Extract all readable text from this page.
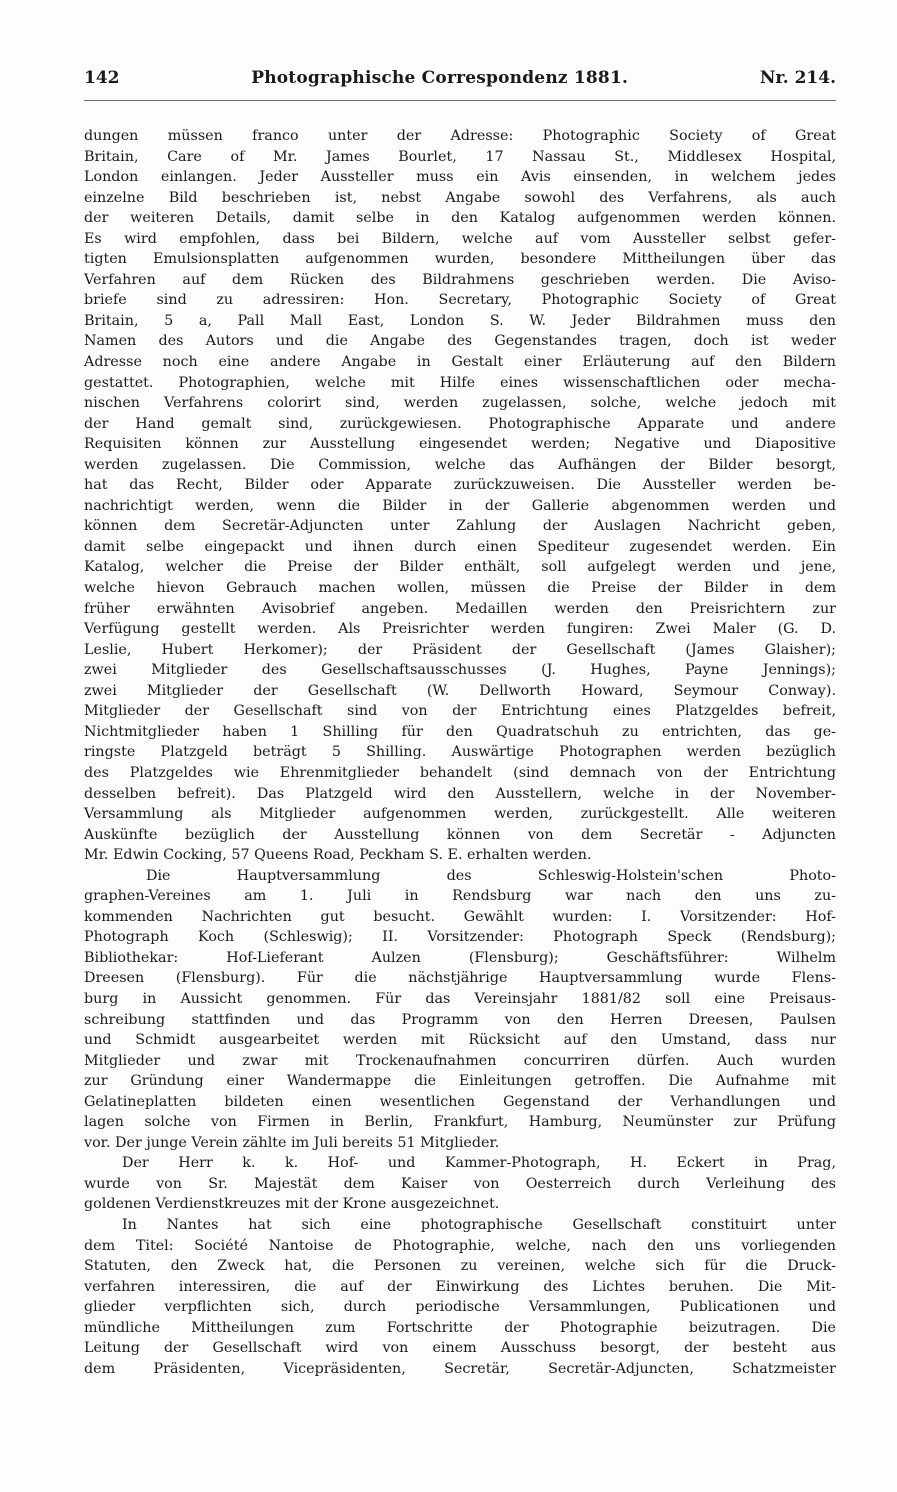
142	Photographische Correspondenz 1881.	Nr. 214.
dungen müssen franco unter der Adresse: Photographic Society of Great
Britain, Care of Mr. James Bourlet, 17 Nassau St., Middlesex Hospital,
London einlangen. Jeder Aussteller muss ein Avis einsenden, in welchem jedes
einzelne Bild beschrieben ist, nebst Angabe sowohl des Verfahrens, als auch
der weiteren Details, damit selbe in den Katalog aufgenommen werden können.
Es wird empfohlen, dass bei Bildern, welche auf vom Aussteller selbst gefer-
tigten Emulsionsplatten aufgenommen wurden, besondere Mittheilungen über das
Verfahren auf dem Rücken des Bildrahmens geschrieben werden. Die Aviso-
briefe sind zu adressiren: Hon. Secretary, Photographic Society of Great
Britain, 5 a, Pall Mall East, London S. W. Jeder Bildrahmen muss den
Namen des Autors und die Angabe des Gegenstandes tragen, doch ist weder
Adresse noch eine andere Angabe in Gestalt einer Erläuterung auf den Bildern
gestattet. Photographien, welche mit Hilfe eines wissenschaftlichen oder mecha-
nischen Verfahrens colorirt sind, werden zugelassen, solche, welche jedoch mit
der Hand gemalt sind, zurückgewiesen. Photographische Apparate und andere
Requisiten können zur Ausstellung eingesendet werden; Negative und Diapositive
werden zugelassen. Die Commission, welche das Aufhängen der Bilder besorgt,
hat das Recht, Bilder oder Apparate zurückzuweisen. Die Aussteller werden be-
nachrichtigt werden, wenn die Bilder in der Gallerie abgenommen werden und
können dem Secretär-Adjuncten unter Zahlung der Auslagen Nachricht geben,
damit selbe eingepackt und ihnen durch einen Spediteur zugesendet werden. Ein
Katalog, welcher die Preise der Bilder enthält, soll aufgelegt werden und jene,
welche hievon Gebrauch machen wollen, müssen die Preise der Bilder in dem
früher erwähnten Avisobrief angeben. Medaillen werden den Preisrichtern zur
Verfügung gestellt werden. Als Preisrichter werden fungiren: Zwei Maler (G. D.
Leslie, Hubert Herkomer); der Präsident der Gesellschaft (James Glaisher);
zwei Mitglieder des Gesellschaftsausschusses (J. Hughes, Payne Jennings);
zwei Mitglieder der Gesellschaft (W. Dellworth Howard, Seymour Conway).
Mitglieder der Gesellschaft sind von der Entrichtung eines Platzgeldes befreit,
Nichtmitglieder haben 1 Shilling für den Quadratschuh zu entrichten, das ge-
ringste Platzgeld beträgt 5 Shilling. Auswärtige Photographen werden bezüglich
des Platzgeldes wie Ehrenmitglieder behandelt (sind demnach von der Entrichtung
desselben befreit). Das Platzgeld wird den Ausstellern, welche in der November-
Versammlung als Mitglieder aufgenommen werden, zurückgestellt. Alle weiteren
Auskünfte bezüglich der Ausstellung können von dem Secretär - Adjuncten
Mr. Edwin Cocking, 57 Queens Road, Peckham S. E. erhalten werden.
Die Hauptversammlung des Schleswig-Holstein'schen Photo-
graphen-Vereines am 1. Juli in Rendsburg war nach den uns zu-
kommenden Nachrichten gut besucht. Gewählt wurden: I. Vorsitzender: Hof-
Photograph Koch (Schleswig); II. Vorsitzender: Photograph Speck (Rendsburg);
Bibliothekar: Hof-Lieferant Aulzen (Flensburg); Geschäftsführer: Wilhelm
Dreesen (Flensburg). Für die nächstjährige Hauptversammlung wurde Flens-
burg in Aussicht genommen. Für das Vereinsjahr 1881/82 soll eine Preisaus-
schreibung stattfinden und das Programm von den Herren Dreesen, Paulsen
und Schmidt ausgearbeitet werden mit Rücksicht auf den Umstand, dass nur
Mitglieder und zwar mit Trockenaufnahmen concurriren dürfen. Auch wurden
zur Gründung einer Wandermappe die Einleitungen getroffen. Die Aufnahme mit
Gelatineplatten bildeten einen wesentlichen Gegenstand der Verhandlungen und
lagen solche von Firmen in Berlin, Frankfurt, Hamburg, Neumünster zur Prüfung
vor. Der junge Verein zählte im Juli bereits 51 Mitglieder.
Der Herr k. k. Hof- und Kammer-Photograph, H. Eckert in Prag,
wurde von Sr. Majestät dem Kaiser von Oesterreich durch Verleihung des
goldenen Verdienstkreuzes mit der Krone ausgezeichnet.
In Nantes hat sich eine photographische Gesellschaft constituirt unter
dem Titel: Société Nantoise de Photographie, welche, nach den uns vorliegenden
Statuten, den Zweck hat, die Personen zu vereinen, welche sich für die Druck-
verfahren interessiren, die auf der Einwirkung des Lichtes beruhen. Die Mit-
glieder verpflichten sich, durch periodische Versammlungen, Publicationen und
mündliche Mittheilungen zum Fortschritte der Photographie beizutragen. Die
Leitung der Gesellschaft wird von einem Ausschuss besorgt, der besteht aus
dem Präsidenten, Vicepräsidenten, Secretär, Secretär-Adjuncten, Schatzmeister
